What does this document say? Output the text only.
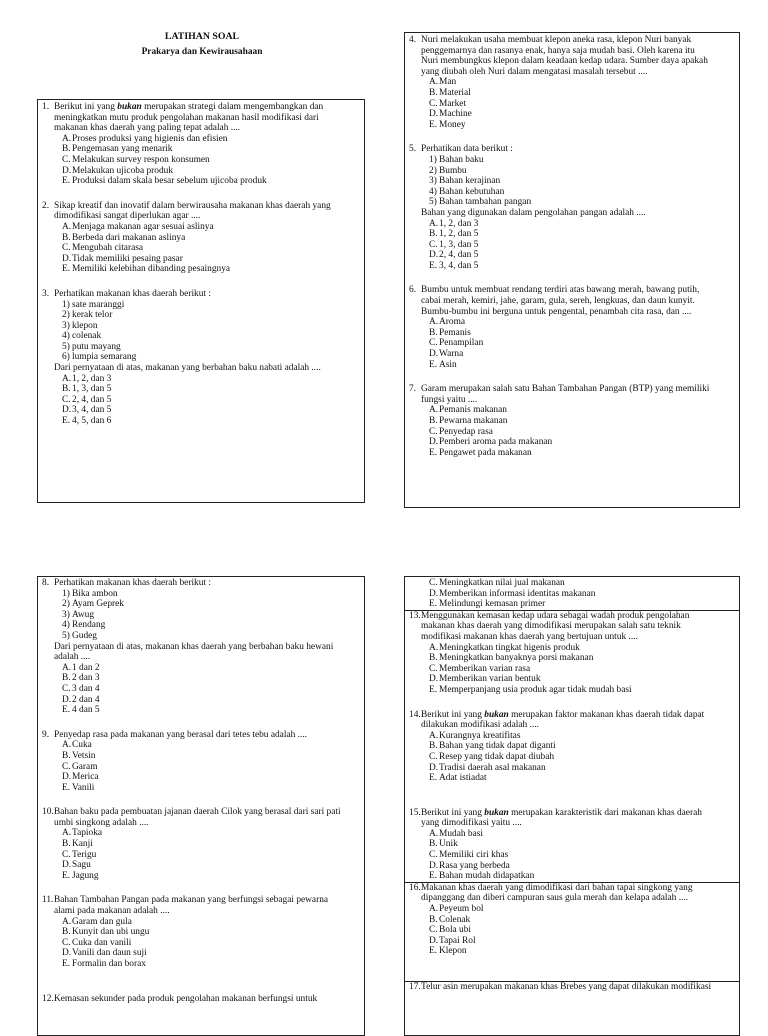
LATIHAN SOAL
Prakarya dan Kewirausahaan
1. Berikut ini yang bukan merupakan strategi dalam mengembangkan dan
meningkatkan mutu produk pengolahan makanan hasil modifikasi dari
makanan khas daerah yang paling tepat adalah ....
A. Proses produksi yang higienis dan efisien
B. Pengemasan yang menarik
C. Melakukan survey respon konsumen
D. Melakukan ujicoba produk
E. Produksi dalam skala besar sebelum ujicoba produk
2. Sikap kreatif dan inovatif dalam berwirausaha makanan khas daerah yang
dimodifikasi sangat diperlukan agar ....
A. Menjaga makanan agar sesuai aslinya
B. Berbeda dari makanan aslinya
C. Mengubah citarasa
D. Tidak memiliki pesaing pasar
E. Memiliki kelebihan dibanding pesaingnya
3. Perhatikan makanan khas daerah berikut :
1) sate maranggi
2) kerak telor
3) klepon
4) colenak
5) putu mayang
6) lumpia semarang
Dari pernyataan di atas, makanan yang berbahan baku nabati adalah ....
A. 1, 2, dan 3
B. 1, 3, dan 5
C. 2, 4, dan 5
D. 3, 4, dan 5
E. 4, 5, dan 6
4. Nuri melakukan usaha membuat klepon aneka rasa, klepon Nuri banyak
penggemarnya dan rasanya enak, hanya saja mudah basi. Oleh karena itu
Nuri membungkus klepon dalam keadaan kedap udara. Sumber daya apakah
yang diubah oleh Nuri dalam mengatasi masalah tersebut ....
A. Man
B. Material
C. Market
D. Machine
E. Money
5. Perhatikan data berikut :
1) Bahan baku
2) Bumbu
3) Bahan kerajinan
4) Bahan kebutuhan
5) Bahan tambahan pangan
Bahan yang digunakan dalam pengolahan pangan adalah ....
A. 1, 2, dan 3
B. 1, 2, dan 5
C. 1, 3, dan 5
D. 2, 4, dan 5
E. 3, 4, dan 5
6. Bumbu untuk membuat rendang terdiri atas bawang merah, bawang putih,
cabai merah, kemiri, jahe, garam, gula, sereh, lengkuas, dan daun kunyit.
Bumbu-bumbu ini berguna untuk pengental, penambah cita rasa, dan ....
A. Aroma
B. Pemanis
C. Penampilan
D. Warna
E. Asin
7. Garam merupakan salah satu Bahan Tambahan Pangan (BTP) yang memiliki
fungsi yaitu ....
A. Pemanis makanan
B. Pewarna makanan
C. Penyedap rasa
D. Pemberi aroma pada makanan
E. Pengawet pada makanan
8. Perhatikan makanan khas daerah berikut :
1) Bika ambon
2) Ayam Geprek
3) Awug
4) Rendang
5) Gudeg
Dari pernyataan di atas, makanan khas daerah yang berbahan baku hewani
adalah ....
A. 1 dan 2
B. 2 dan 3
C. 3 dan 4
D. 2 dan 4
E. 4 dan 5
9. Penyedap rasa pada makanan yang berasal dari tetes tebu adalah ....
A. Cuka
B. Vetsin
C. Garam
D. Merica
E. Vanili
10. Bahan baku pada pembuatan jajanan daerah Cilok yang berasal dari sari pati
umbi singkong adalah ....
A. Tapioka
B. Kanji
C. Terigu
D. Sagu
E. Jagung
11. Bahan Tambahan Pangan pada makanan yang berfungsi sebagai pewarna
alami pada makanan adalah ....
A. Garam dan gula
B. Kunyit dan ubi ungu
C. Cuka dan vanili
D. Vanili dan daun suji
E. Formalin dan borax
12. Kemasan sekunder pada produk pengolahan makanan berfungsi untuk
C. Meningkatkan nilai jual makanan
D. Memberikan informasi identitas makanan
E. Melindungi kemasan primer
13. Menggunakan kemasan kedap udara sebagai wadah produk pengolahan
makanan khas daerah yang dimodifikasi merupakan salah satu teknik
modifikasi makanan khas daerah yang bertujuan untuk ....
A. Meningkatkan tingkat higenis produk
B. Meningkatkan banyaknya porsi makanan
C. Memberikan varian rasa
D. Memberikan varian bentuk
E. Memperpanjang usia produk agar tidak mudah basi
14. Berikut ini yang bukan merupakan faktor makanan khas daerah tidak dapat
dilakukan modifikasi adalah ....
A. Kurangnya kreatifitas
B. Bahan yang tidak dapat diganti
C. Resep yang tidak dapat diubah
D. Tradisi daerah asal makanan
E. Adat istiadat
15. Berikut ini yang bukan merupakan karakteristik dari makanan khas daerah
yang dimodifikasi yaitu ....
A. Mudah basi
B. Unik
C. Memiliki ciri khas
D. Rasa yang berbeda
E. Bahan mudah didapatkan
16. Makanan khas daerah yang dimodifikasi dari bahan tapai singkong yang
dipanggang dan diberi campuran saus gula merah dan kelapa adalah ....
A. Peyeum bol
B. Colenak
C. Bola ubi
D. Tapai Rol
E. Klepon
17. Telur asin merupakan makanan khas Brebes yang dapat dilakukan modifikasi
